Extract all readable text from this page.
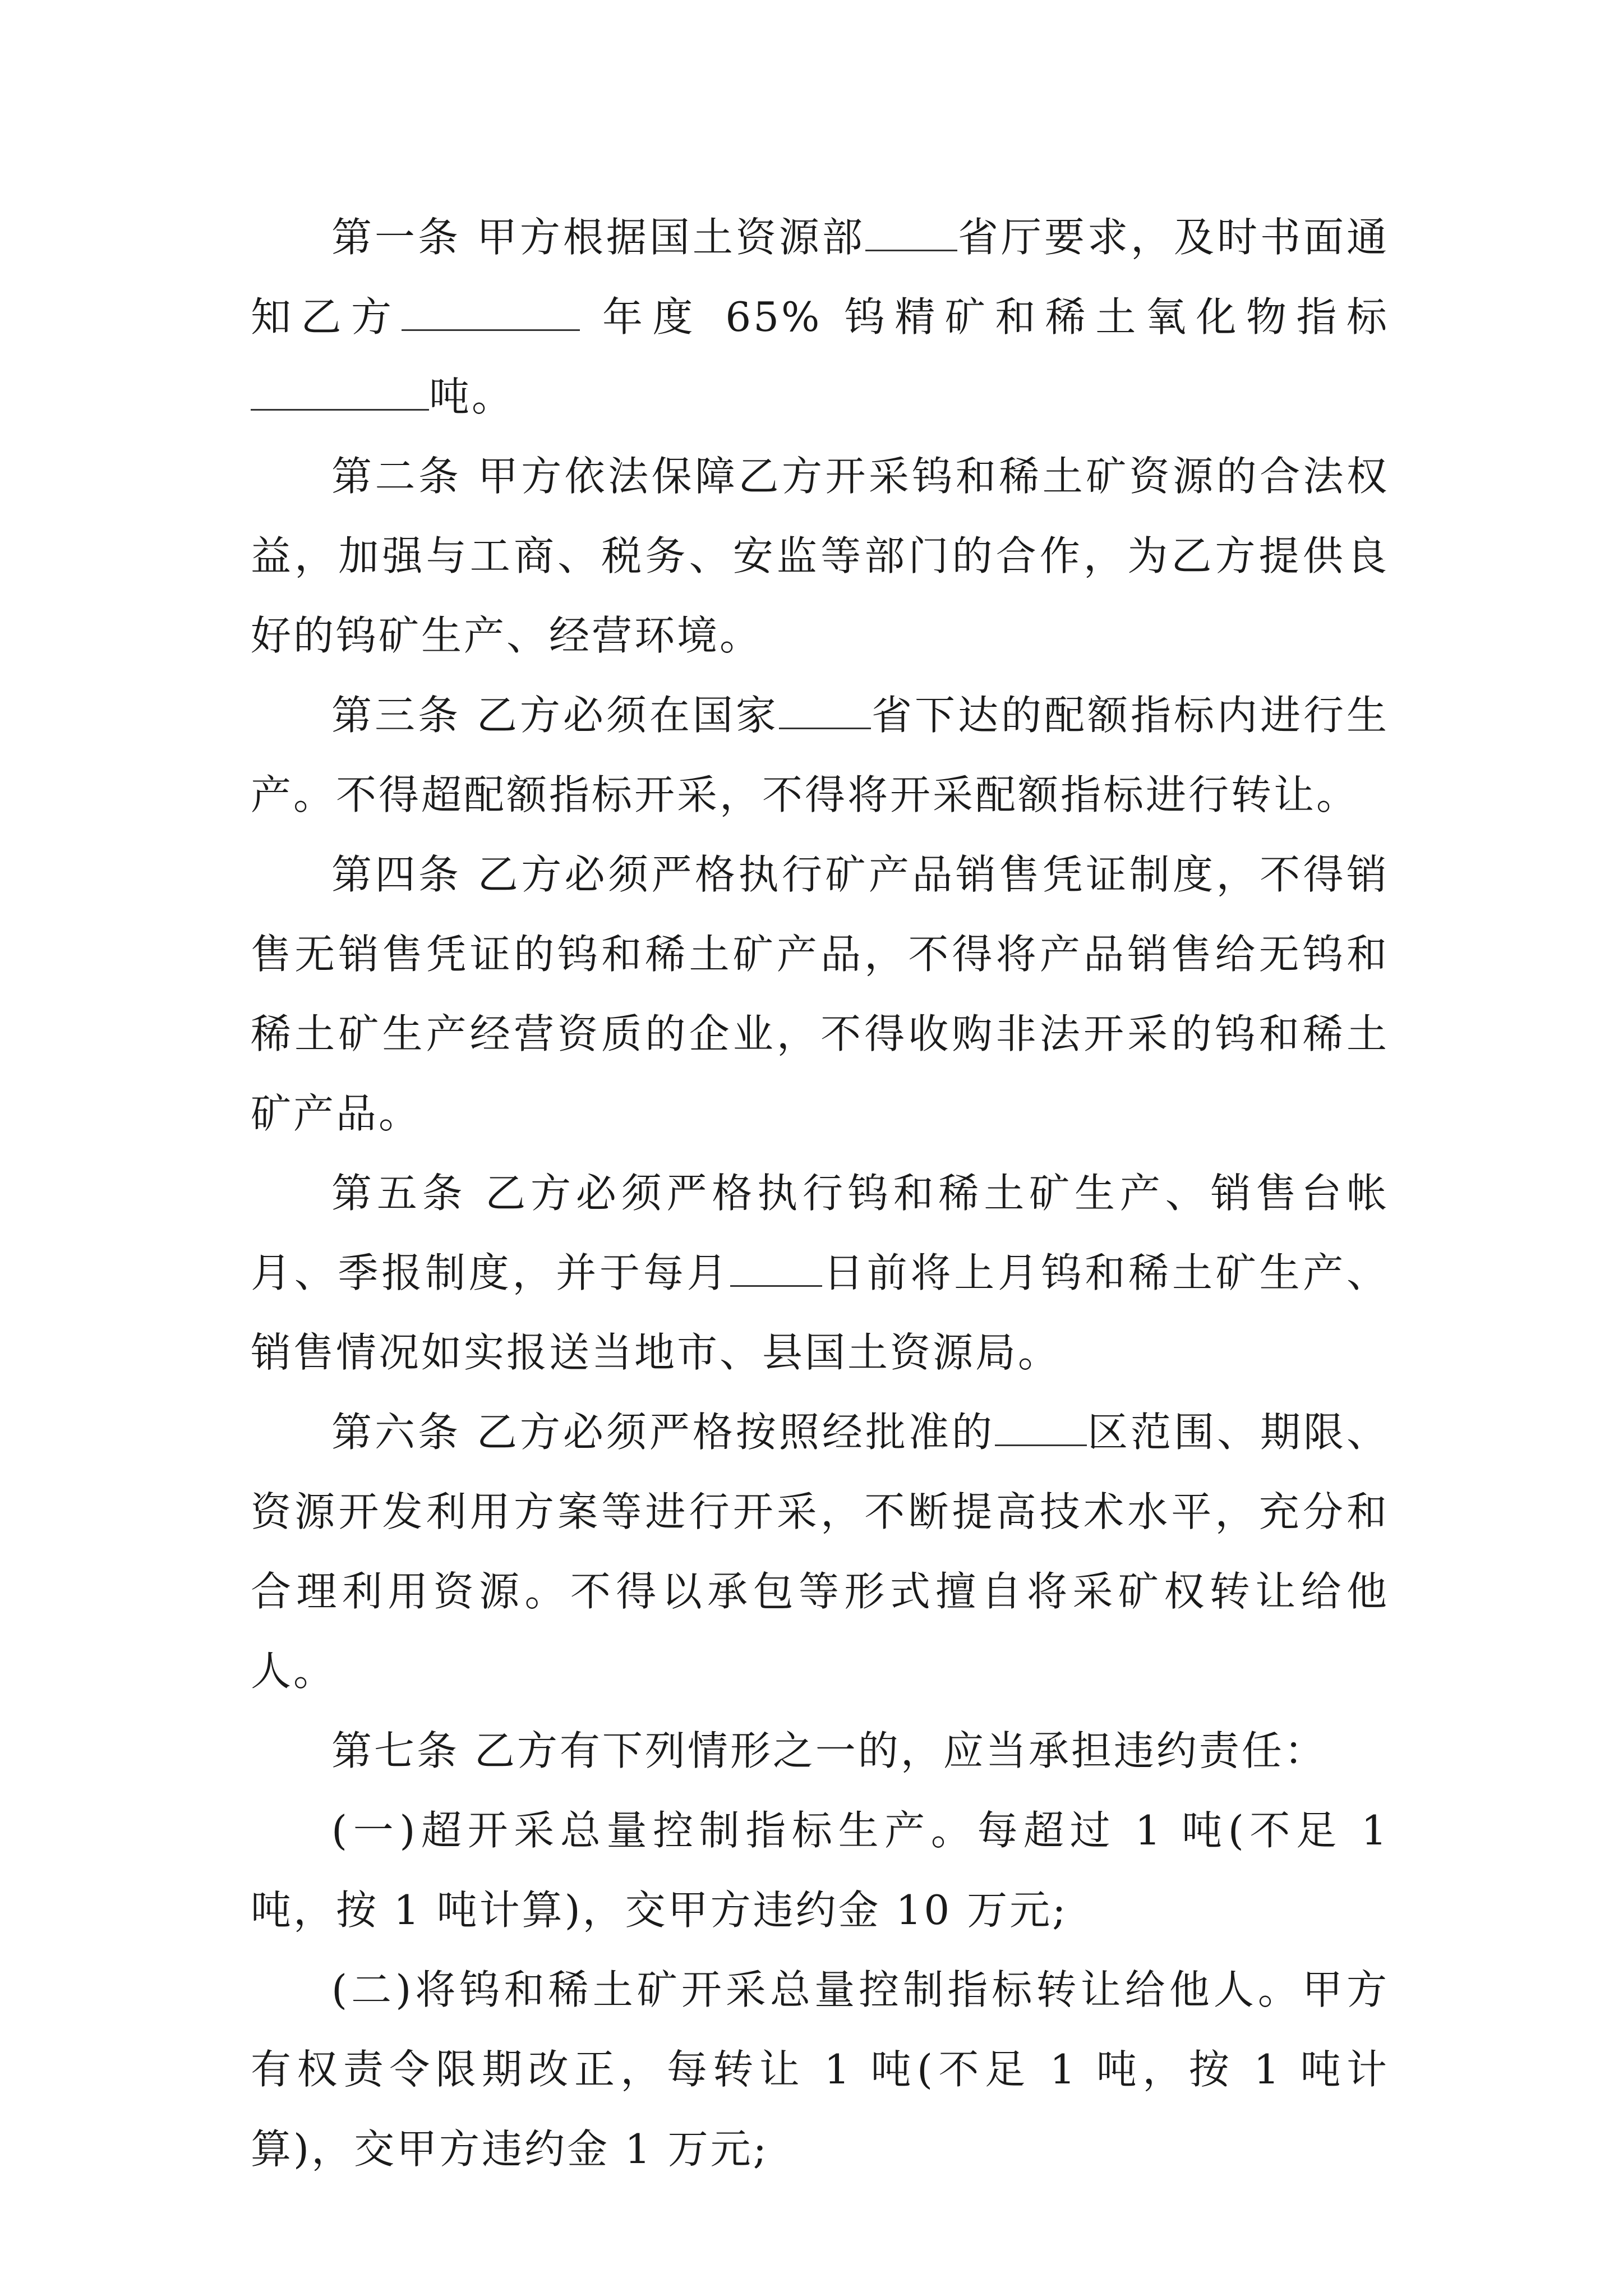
第一条 甲方根据国土资源部 省厅要求，及时书面通知乙方	年度 65% 钨精矿和稀土氧化物指标吨。

第二条 甲方依法保障乙方开采钨和稀土矿资源的合法权益，加强与工商、税务、安监等部门的合作，为乙方提供良好的钨矿生产、经营环境。

第三条 乙方必须在国家 省下达的配额指标内进行生产。不得超配额指标开采，不得将开采配额指标进行转让。

第四条 乙方必须严格执行矿产品销售凭证制度，不得销售无销售凭证的钨和稀土矿产品，不得将产品销售给无钨和稀土矿生产经营资质的企业，不得收购非法开采的钨和稀土矿产品。

第五条 乙方必须严格执行钨和稀土矿生产、销售台帐月、季报制度，并于每月 日前将上月钨和稀土矿生产、销售情况如实报送当地市、县国土资源局。

第六条 乙方必须严格按照经批准的 区范围、期限、资源开发利用方案等进行开采，不断提高技术水平，充分和合理利用资源。不得以承包等形式擅自将采矿权转让给他人。

第七条 乙方有下列情形之一的，应当承担违约责任：

(一)超开采总量控制指标生产。每超过 1 吨(不足 1 吨，按 1 吨计算)，交甲方违约金 10 万元;

(二)将钨和稀土矿开采总量控制指标转让给他人。甲方有权责令限期改正，每转让 1 吨(不足 1 吨，按 1 吨计算)，交甲方违约金 1 万元;
